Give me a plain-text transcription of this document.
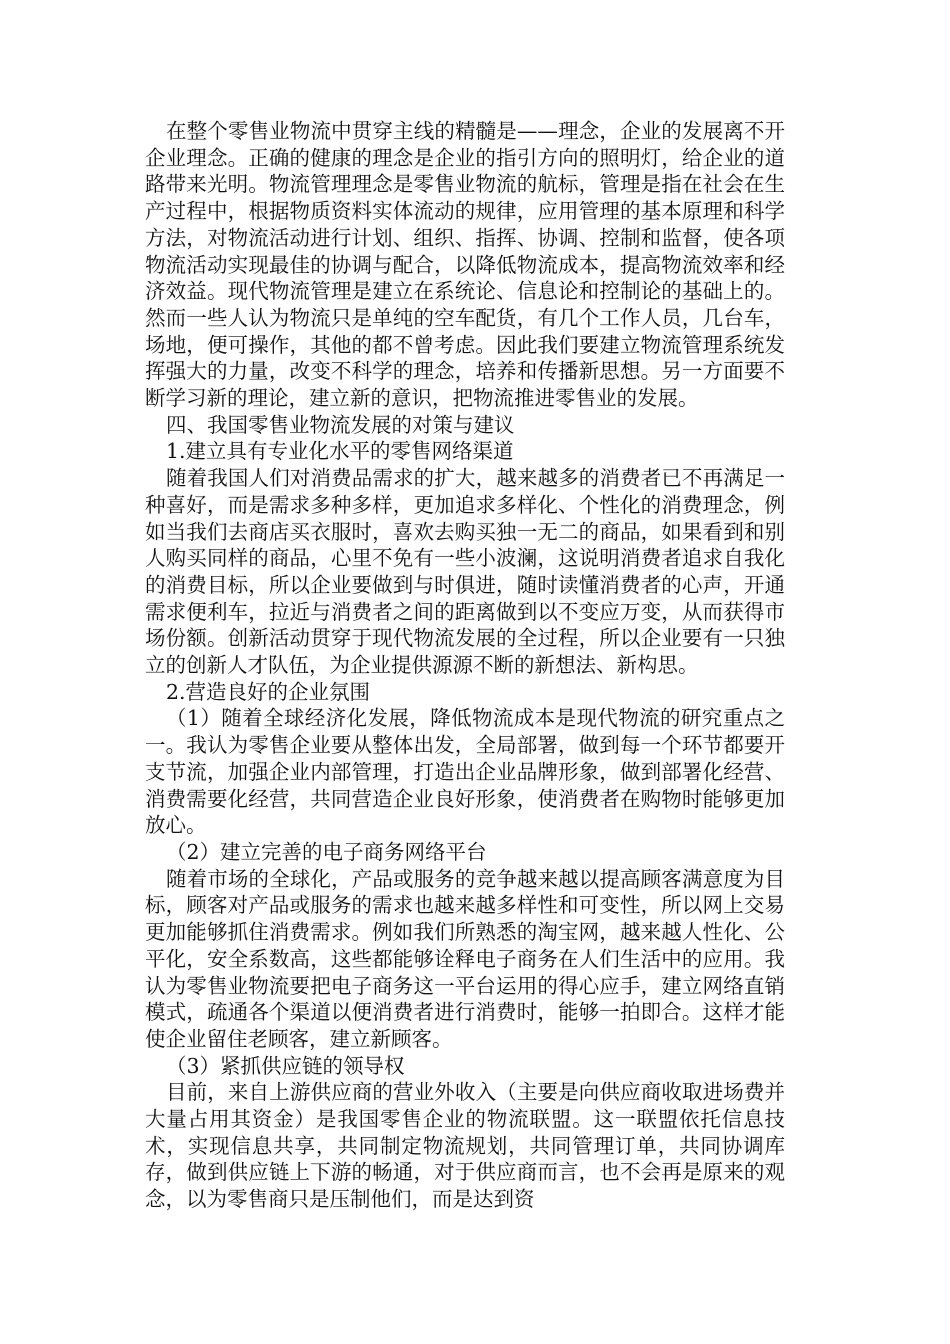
在整个零售业物流中贯穿主线的精髓是——理念，企业的发展离不开企业理念。正确的健康的理念是企业的指引方向的照明灯，给企业的道路带来光明。物流管理理念是零售业物流的航标，管理是指在社会在生产过程中，根据物质资料实体流动的规律，应用管理的基本原理和科学方法，对物流活动进行计划、组织、指挥、协调、控制和监督，使各项物流活动实现最佳的协调与配合，以降低物流成本，提高物流效率和经济效益。现代物流管理是建立在系统论、信息论和控制论的基础上的。然而一些人认为物流只是单纯的空车配货，有几个工作人员，几台车，场地，便可操作，其他的都不曾考虑。因此我们要建立物流管理系统发挥强大的力量，改变不科学的理念，培养和传播新思想。另一方面要不断学习新的理论，建立新的意识，把物流推进零售业的发展。

四、我国零售业物流发展的对策与建议

1.建立具有专业化水平的零售网络渠道

随着我国人们对消费品需求的扩大，越来越多的消费者已不再满足一种喜好，而是需求多种多样，更加追求多样化、个性化的消费理念，例如当我们去商店买衣服时，喜欢去购买独一无二的商品，如果看到和别人购买同样的商品，心里不免有一些小波澜，这说明消费者追求自我化的消费目标，所以企业要做到与时俱进，随时读懂消费者的心声，开通需求便利车，拉近与消费者之间的距离做到以不变应万变，从而获得市场份额。创新活动贯穿于现代物流发展的全过程，所以企业要有一只独立的创新人才队伍，为企业提供源源不断的新想法、新构思。

2.营造良好的企业氛围

（1）随着全球经济化发展，降低物流成本是现代物流的研究重点之一。我认为零售企业要从整体出发，全局部署，做到每一个环节都要开支节流，加强企业内部管理，打造出企业品牌形象，做到部署化经营、消费需要化经营，共同营造企业良好形象，使消费者在购物时能够更加放心。

（2）建立完善的电子商务网络平台

随着市场的全球化，产品或服务的竞争越来越以提高顾客满意度为目标，顾客对产品或服务的需求也越来越多样性和可变性，所以网上交易更加能够抓住消费需求。例如我们所熟悉的淘宝网，越来越人性化、公平化，安全系数高，这些都能够诠释电子商务在人们生活中的应用。我认为零售业物流要把电子商务这一平台运用的得心应手，建立网络直销模式，疏通各个渠道以便消费者进行消费时，能够一拍即合。这样才能使企业留住老顾客，建立新顾客。

（3）紧抓供应链的领导权

目前，来自上游供应商的营业外收入（主要是向供应商收取进场费并大量占用其资金）是我国零售企业的物流联盟。这一联盟依托信息技术，实现信息共享，共同制定物流规划，共同管理订单，共同协调库存，做到供应链上下游的畅通，对于供应商而言，也不会再是原来的观念，以为零售商只是压制他们，而是达到资
